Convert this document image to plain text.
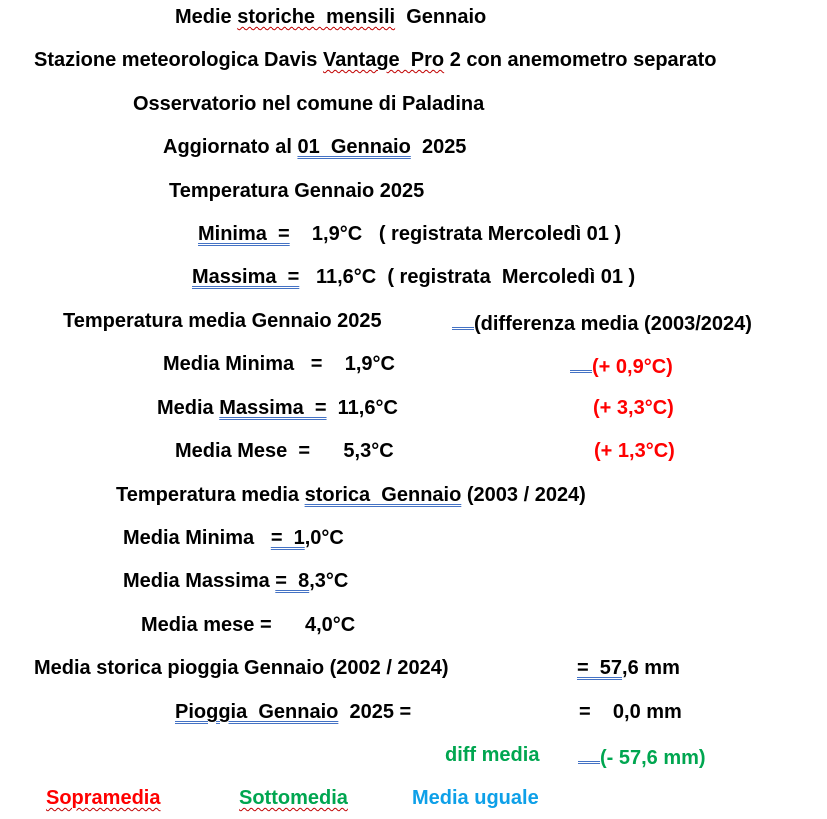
Medie storiche  mensili  Gennaio
Stazione meteorologica Davis Vantage  Pro 2 con anemometro separato
Osservatorio nel comune di Paladina
Aggiornato al 01  Gennaio  2025
Temperatura Gennaio 2025
Minima  =    1,9°C   ( registrata Mercoledì 01 )
Massima  =   11,6°C  ( registrata  Mercoledì 01 )
Temperatura media Gennaio 2025	(differenza media (2003/2024)
Media Minima   =    1,9°C	(+ 0,9°C)
Media Massima  =  11,6°C	(+ 3,3°C)
Media Mese  =      5,3°C	(+ 1,3°C)
Temperatura media storica  Gennaio (2003 / 2024)
Media Minima   =  1,0°C
Media Massima =  8,3°C
Media mese =      4,0°C
Media storica pioggia Gennaio (2002 / 2024)	=  57,6 mm
Pioggia  Gennaio  2025 =	=    0,0 mm
diff media	(- 57,6 mm)
Sopramedia	Sottomedia	Media uguale
